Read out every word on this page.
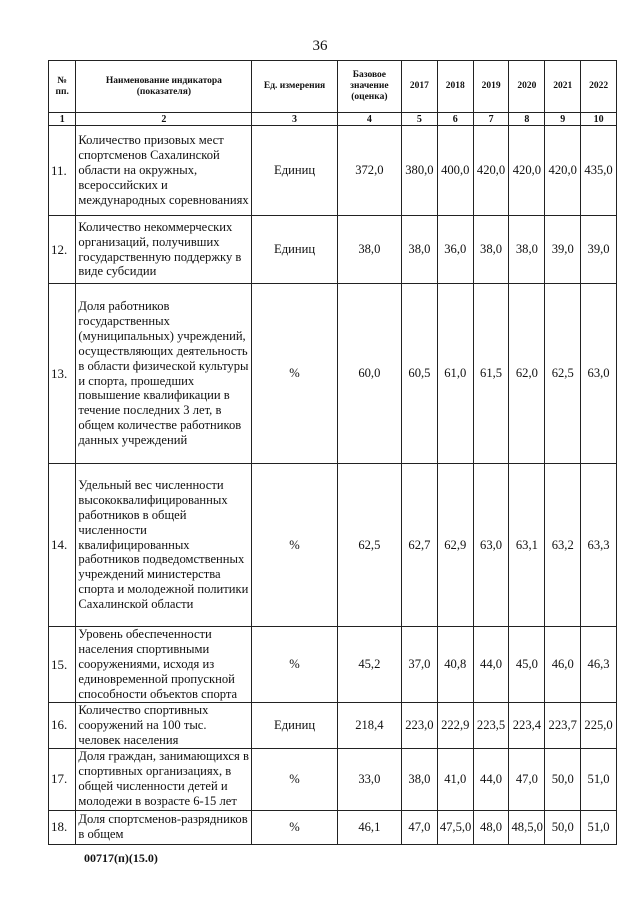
36
№ пп.	Наименование индикатора (показателя)	Ед. измерения	Базовое значение (оценка)	2017	2018	2019	2020	2021	2022
1	2	3	4	5	6	7	8	9	10
11.	Количество призовых мест спортсменов Сахалинской области на окружных, всероссийских и международных соревнованиях	Единиц	372,0	380,0	400,0	420,0	420,0	420,0	435,0
12.	Количество некоммерческих организаций, получивших государственную поддержку в виде субсидии	Единиц	38,0	38,0	36,0	38,0	38,0	39,0	39,0
13.	Доля работников государственных (муниципальных) учреждений, осуществляющих деятельность в области физической культуры и спорта, прошедших повышение квалификации в течение последних 3 лет, в общем количестве работников данных учреждений	%	60,0	60,5	61,0	61,5	62,0	62,5	63,0
14.	Удельный вес численности высококвалифицированных работников в общей численности квалифицированных работников подведомственных учреждений министерства спорта и молодежной политики Сахалинской области	%	62,5	62,7	62,9	63,0	63,1	63,2	63,3
15.	Уровень обеспеченности населения спортивными сооружениями, исходя из единовременной пропускной способности объектов спорта	%	45,2	37,0	40,8	44,0	45,0	46,0	46,3
16.	Количество спортивных сооружений на 100 тыс. человек населения	Единиц	218,4	223,0	222,9	223,5	223,4	223,7	225,0
17.	Доля граждан, занимающихся в спортивных организациях, в общей численности детей и молодежи в возрасте 6-15 лет	%	33,0	38,0	41,0	44,0	47,0	50,0	51,0
18.	Доля спортсменов-разрядников в общем	%	46,1	47,0	47,5,0	48,0	48,5,0	50,0	51,0
00717(п)(15.0)
